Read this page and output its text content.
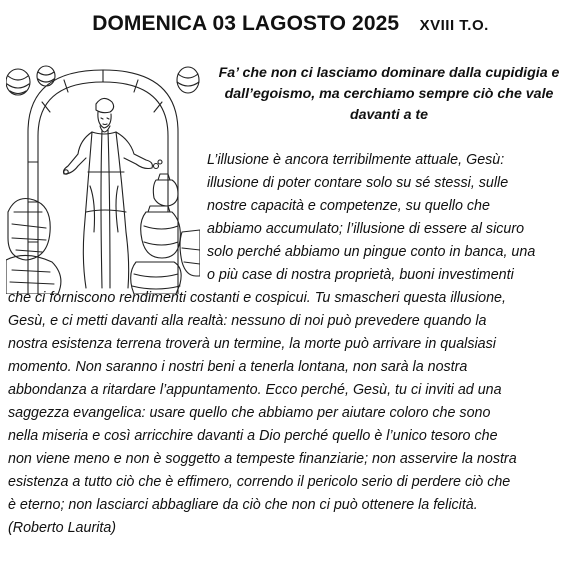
DOMENICA 03 LAGOSTO 2025 XVIII T.O.
Fa’ che non ci lasciamo dominare dalla cupidigia e
dall’egoismo, ma cerchiamo sempre ciò che vale
davanti a te
L’illusione è ancora terribilmente attuale, Gesù:
illusione di poter contare solo su sé stessi, sulle
nostre capacità e competenze, su quello che
abbiamo accumulato; l’illusione di essere al sicuro
solo perché abbiamo un pingue conto in banca, una
o più case di nostra proprietà, buoni investimenti
che ci forniscono rendimenti costanti e cospicui. Tu smascheri questa illusione,
Gesù, e ci metti davanti alla realtà: nessuno di noi può prevedere quando la
nostra esistenza terrena troverà un termine, la morte può arrivare in qualsiasi
momento. Non saranno i nostri beni a tenerla lontana, non sarà la nostra
abbondanza a ritardare l’appuntamento. Ecco perché, Gesù, tu ci inviti ad una
saggezza evangelica: usare quello che abbiamo per aiutare coloro che sono
nella miseria e così arricchire davanti a Dio perché quello è l’unico tesoro che
non viene meno e non è soggetto a tempeste finanziarie; non asservire la nostra
esistenza a tutto ciò che è effimero, correndo il pericolo serio di perdere ciò che
è eterno; non lasciarci abbagliare da ciò che non ci può ottenere la felicità.
(Roberto Laurita)
